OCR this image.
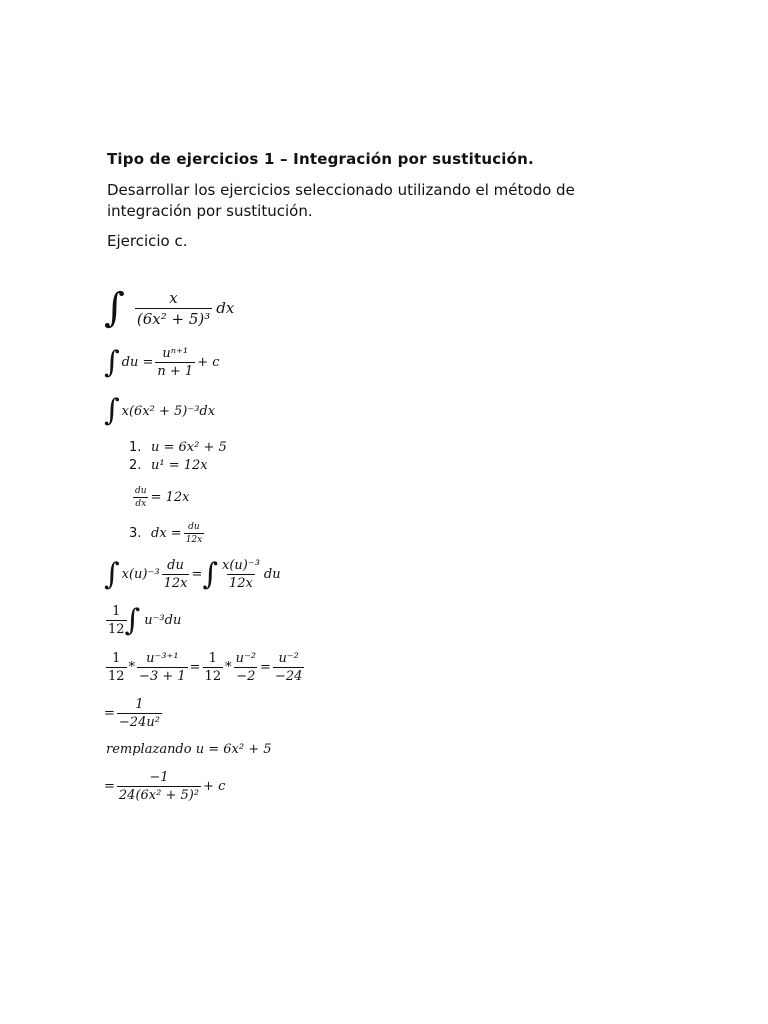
Tipo de ejercicios 1 – Integración por sustitución.
Desarrollar los ejercicios seleccionado utilizando el método de
integración por sustitución.
Ejercicio c.
∫ $\frac{x}{\text{(6x² + 5)³}}$ dx
∫ du = $\frac{\text{uⁿ⁺¹}}{n + 1} + c$
∫ x(6x² + 5)⁻³dx
1. u = 6x² + 5
2. u¹ = 12x
$\frac{du}{dx} = 12x$
3. dx = $\frac{du}{12x}$
∫ $x(u)^{-3} \frac{du}{12x}$ = ∫ $\frac{\text{x(u)⁻³}}{12x}$ du
$\frac{1}{12}$
∫ u⁻³du
$\frac{1}{12} * \frac{\text{u⁻³⁺¹}}{-3 + 1} = \frac{1}{12} * \frac{\text{u⁻²}}{-2} = \frac{\text{u⁻²}}{-24}$
= $\frac{1}{\text{−24u²}}$
remplazando u = 6x² + 5
= $\frac{-1}{\text{24(6x² + 5)²}} + c$
